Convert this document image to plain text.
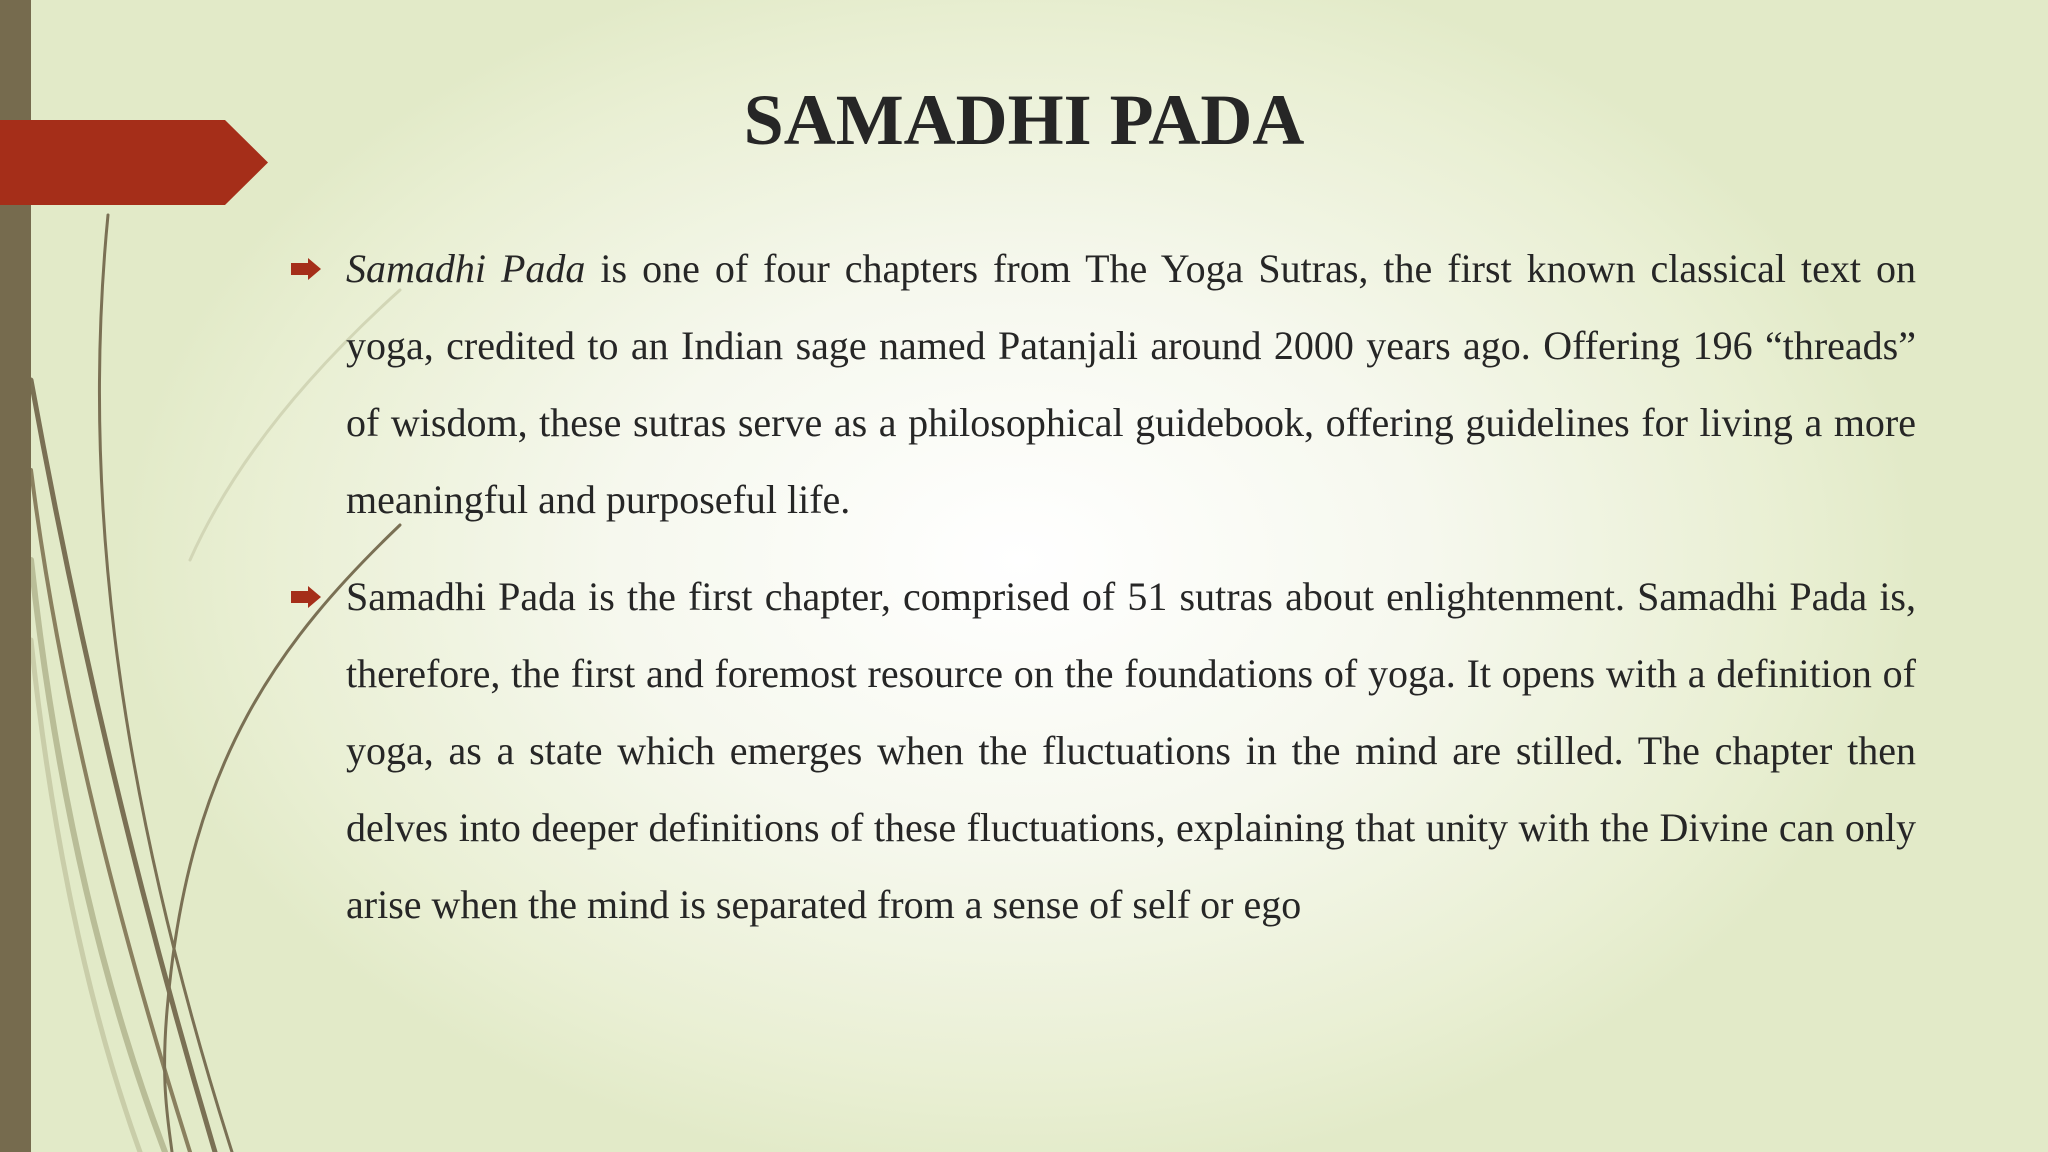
SAMADHI PADA

Samadhi Pada is one of four chapters from The Yoga Sutras, the first known classical text on yoga, credited to an Indian sage named Patanjali around 2000 years ago. Offering 196 “threads” of wisdom, these sutras serve as a philosophical guidebook, offering guidelines for living a more meaningful and purposeful life.

Samadhi Pada is the first chapter, comprised of 51 sutras about enlightenment. Samadhi Pada is, therefore, the first and foremost resource on the foundations of yoga. It opens with a definition of yoga, as a state which emerges when the fluctuations in the mind are stilled. The chapter then delves into deeper definitions of these fluctuations, explaining that unity with the Divine can only arise when the mind is separated from a sense of self or ego
